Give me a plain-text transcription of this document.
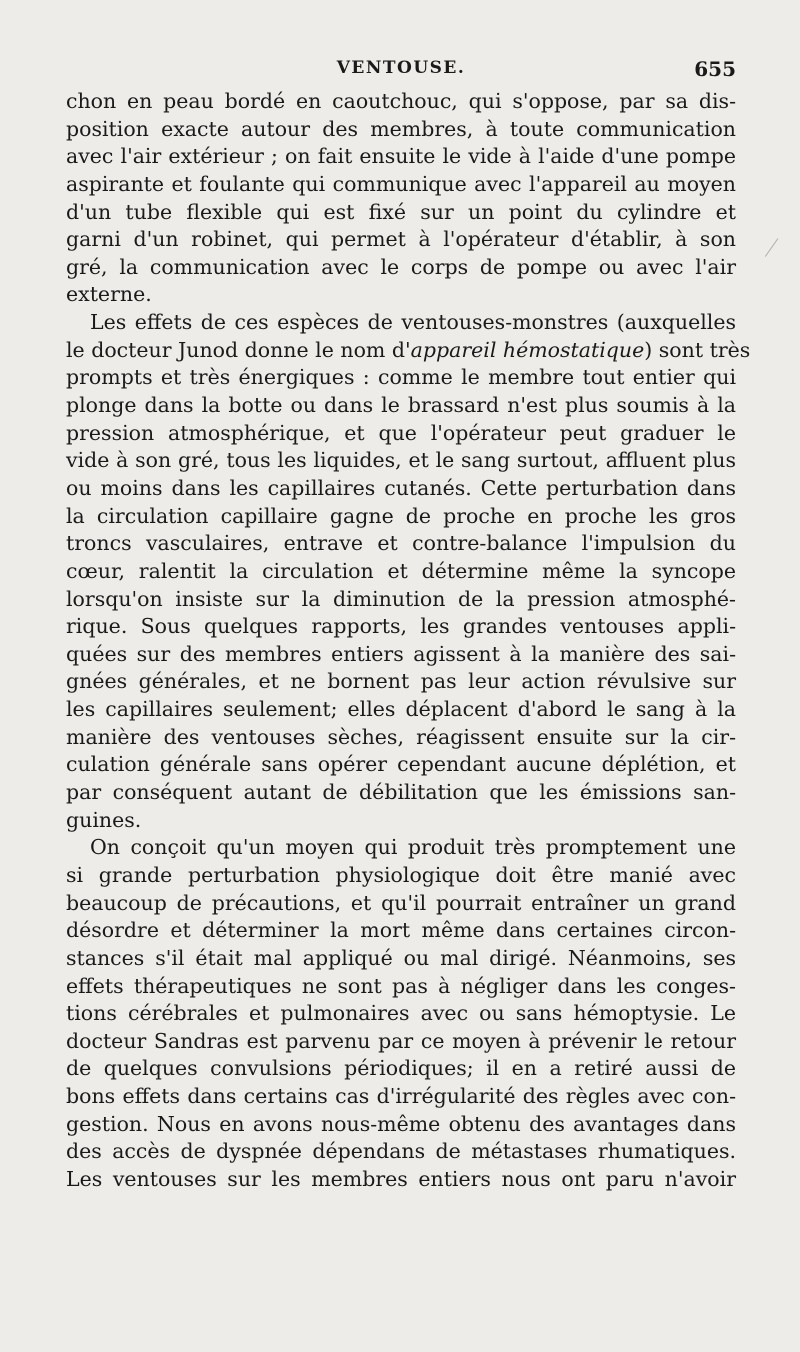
VENTOUSE.	655
chon en peau bordé en caoutchouc, qui s'oppose, par sa dis-
position exacte autour des membres, à toute communication
avec l'air extérieur ; on fait ensuite le vide à l'aide d'une pompe
aspirante et foulante qui communique avec l'appareil au moyen
d'un tube flexible qui est fixé sur un point du cylindre et
garni d'un robinet, qui permet à l'opérateur d'établir, à son
gré, la communication avec le corps de pompe ou avec l'air
externe.
Les effets de ces espèces de ventouses-monstres (auxquelles
le docteur Junod donne le nom d'appareil hémostatique) sont très
prompts et très énergiques : comme le membre tout entier qui
plonge dans la botte ou dans le brassard n'est plus soumis à la
pression atmosphérique, et que l'opérateur peut graduer le
vide à son gré, tous les liquides, et le sang surtout, affluent plus
ou moins dans les capillaires cutanés. Cette perturbation dans
la circulation capillaire gagne de proche en proche les gros
troncs vasculaires, entrave et contre-balance l'impulsion du
cœur, ralentit la circulation et détermine même la syncope
lorsqu'on insiste sur la diminution de la pression atmosphé-
rique. Sous quelques rapports, les grandes ventouses appli-
quées sur des membres entiers agissent à la manière des sai-
gnées générales, et ne bornent pas leur action révulsive sur
les capillaires seulement; elles déplacent d'abord le sang à la
manière des ventouses sèches, réagissent ensuite sur la cir-
culation générale sans opérer cependant aucune déplétion, et
par conséquent autant de débilitation que les émissions san-
guines.
On conçoit qu'un moyen qui produit très promptement une
si grande perturbation physiologique doit être manié avec
beaucoup de précautions, et qu'il pourrait entraîner un grand
désordre et déterminer la mort même dans certaines circon-
stances s'il était mal appliqué ou mal dirigé. Néanmoins, ses
effets thérapeutiques ne sont pas à négliger dans les conges-
tions cérébrales et pulmonaires avec ou sans hémoptysie. Le
docteur Sandras est parvenu par ce moyen à prévenir le retour
de quelques convulsions périodiques; il en a retiré aussi de
bons effets dans certains cas d'irrégularité des règles avec con-
gestion. Nous en avons nous-même obtenu des avantages dans
des accès de dyspnée dépendans de métastases rhumatiques.
Les ventouses sur les membres entiers nous ont paru n'avoir
